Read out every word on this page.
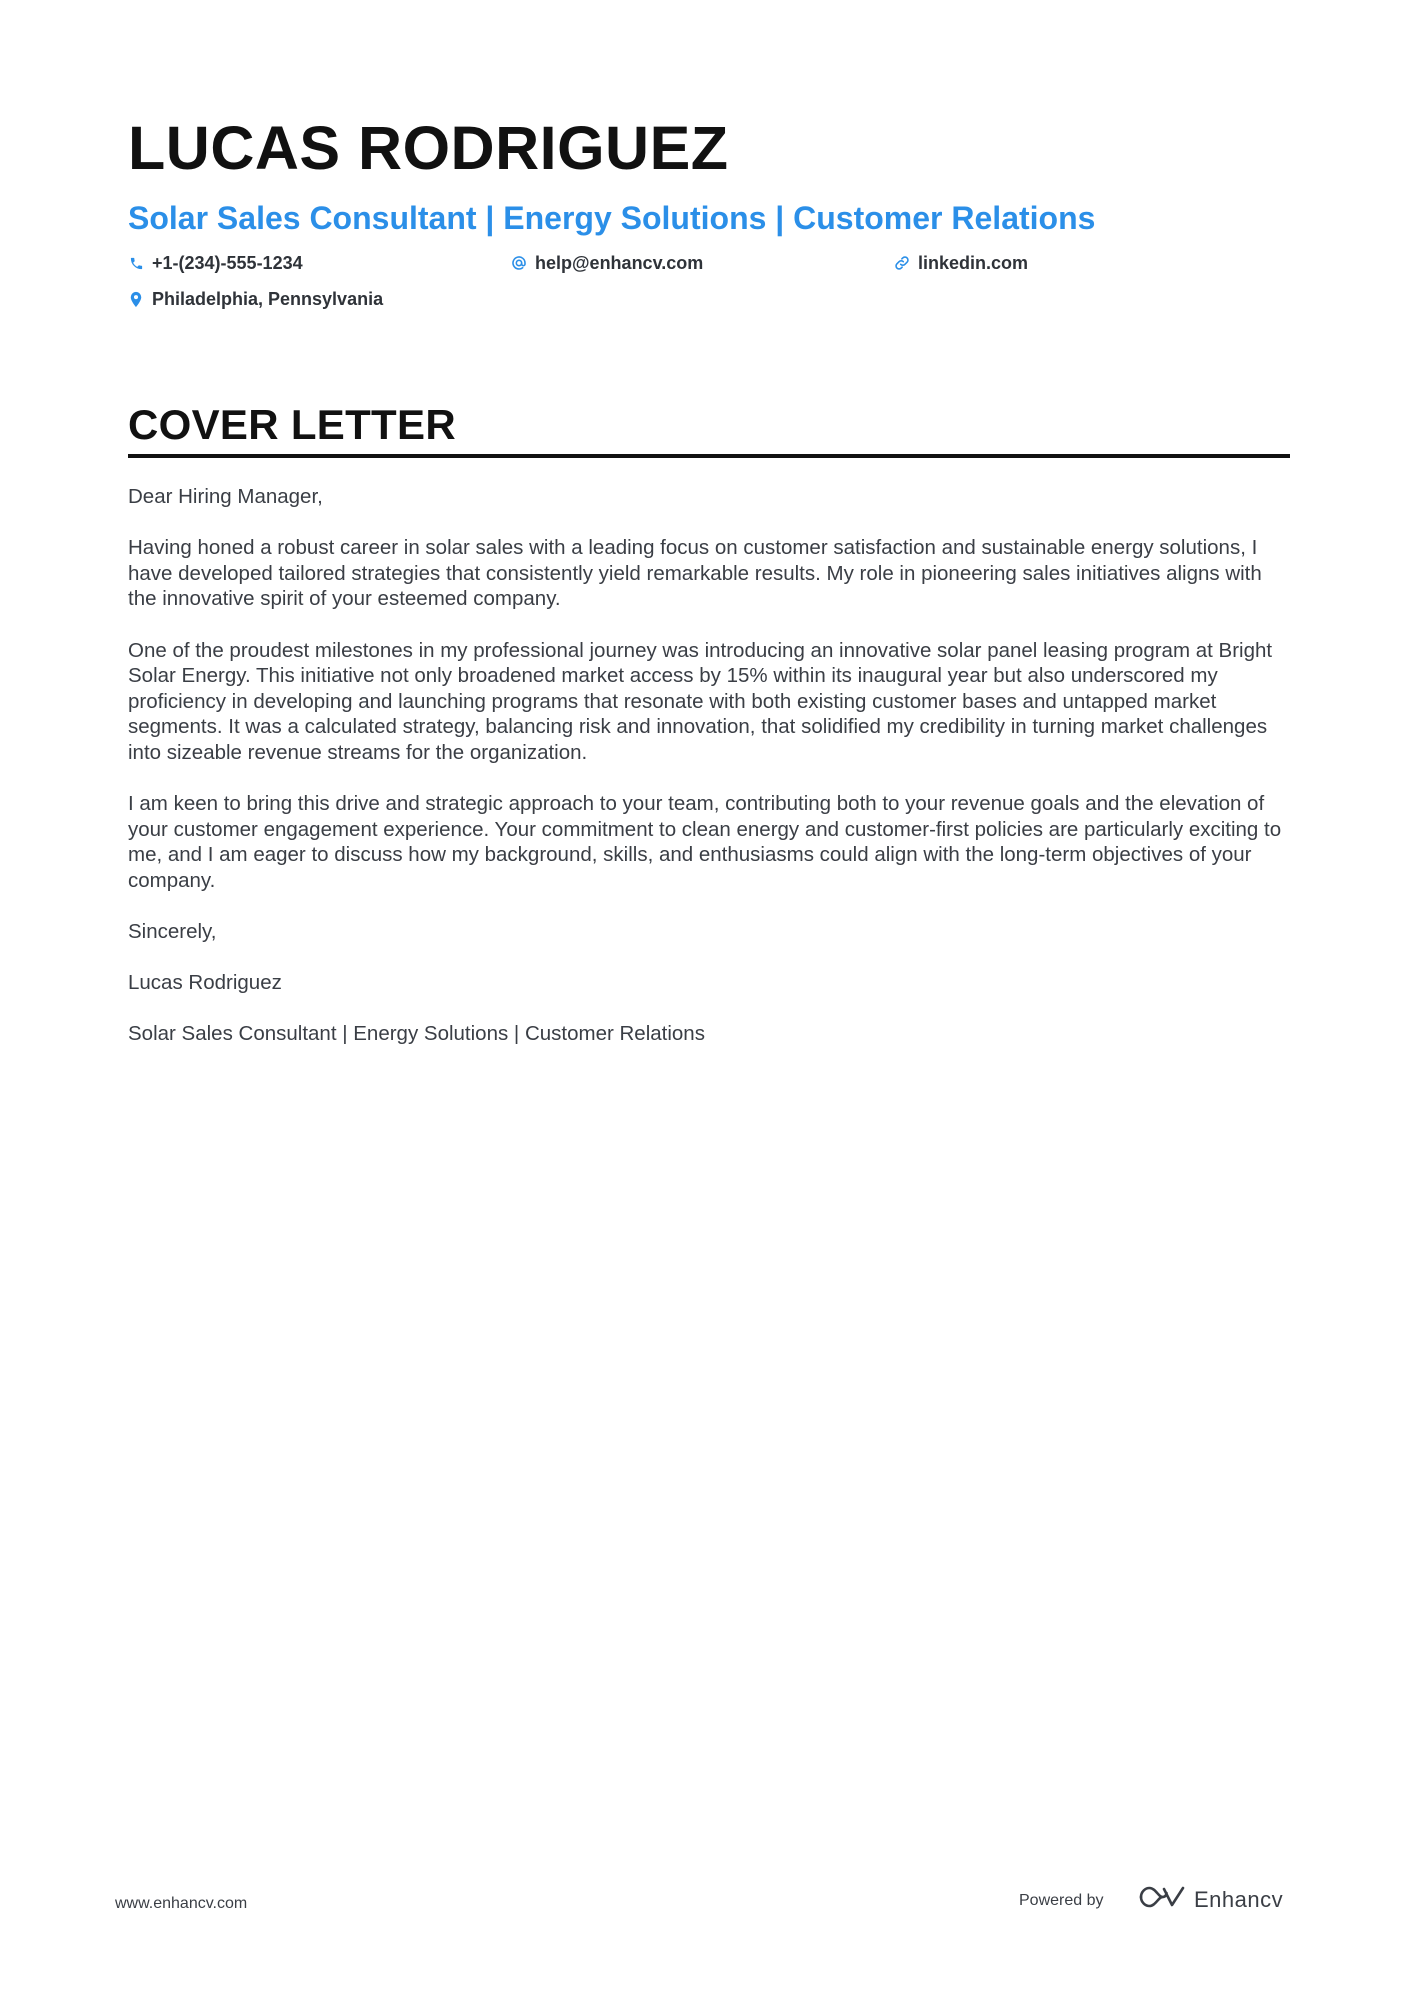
LUCAS RODRIGUEZ
Solar Sales Consultant | Energy Solutions | Customer Relations
+1-(234)-555-1234	help@enhancv.com	linkedin.com
Philadelphia, Pennsylvania
COVER LETTER

Dear Hiring Manager,

Having honed a robust career in solar sales with a leading focus on customer satisfaction and sustainable energy solutions, I have developed tailored strategies that consistently yield remarkable results. My role in pioneering sales initiatives aligns with the innovative spirit of your esteemed company.

One of the proudest milestones in my professional journey was introducing an innovative solar panel leasing program at Bright Solar Energy. This initiative not only broadened market access by 15% within its inaugural year but also underscored my proficiency in developing and launching programs that resonate with both existing customer bases and untapped market segments. It was a calculated strategy, balancing risk and innovation, that solidified my credibility in turning market challenges into sizeable revenue streams for the organization.

I am keen to bring this drive and strategic approach to your team, contributing both to your revenue goals and the elevation of your customer engagement experience. Your commitment to clean energy and customer-first policies are particularly exciting to me, and I am eager to discuss how my background, skills, and enthusiasms could align with the long-term objectives of your company.

Sincerely,

Lucas Rodriguez

Solar Sales Consultant | Energy Solutions | Customer Relations

www.enhancv.com	Powered by	Enhancv
